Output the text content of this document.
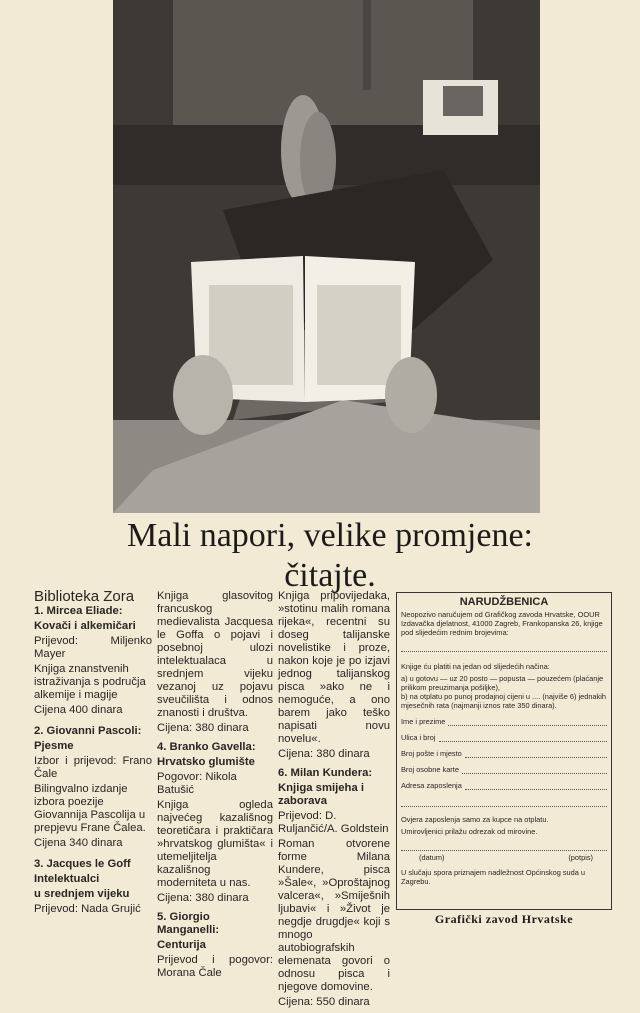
Mali napori, velike promjene:
čitajte.

Biblioteka Zora

1. Mircea Eliade:

Kovači i alkemičari

Prijevod: Miljenko Mayer

Knjiga znanstvenih istraživanja s područja alkemije i magije

Cijena 400 dinara

2. Giovanni Pascoli:

Pjesme

Izbor i prijevod: Frano Čale

Bilingvalno izdanje izbora poezije Giovannija Pascolija u prepjevu Frane Čalea.

Cijena 340 dinara

3. Jacques le Goff

Intelektualci

u srednjem vijeku

Prijevod: Nada Grujić

Knjiga glasovitog francuskog medievalista Jacquesa le Goffa o pojavi i posebnoj ulozi intelektualaca u srednjem vijeku vezanoj uz pojavu sveučilišta i odnos znanosti i društva.

Cijena: 380 dinara

4. Branko Gavella:

Hrvatsko glumište

Pogovor: Nikola Batušić

Knjiga ogleda najvećeg kazališnog teoretičara i praktičara »hrvatskog glumišta« i utemeljitelja kazališnog modernitetа u nas.

Cijena: 380 dinara

5. Giorgio Manganelli:

Centurija

Prijevod i pogovor: Morana Čale

Knjiga pripovijedaka, »stotinu malih romana rijeka«, recentni su doseg talijanske novelistike i proze, nakon koje je po izjavi jednog talijanskog pisca »ako ne i nemoguće, a ono barem jako teško napisati novu novelu«.

Cijena: 380 dinara

6. Milan Kundera:

Knjiga smijeha i zaborava

Prijevod: D. Ruljančić/A. Goldstein

Roman otvorene forme Milana Kundere, pisca »Šale«, »Oproštajnog valcera«, »Smiješnih ljubavi« i »Život je negdje drugdje« koji s mnogo autobiografskih elemenata govori o odnosu pisca i njegove domovine.

Cijena: 550 dinara

NARUDŽBENICA

Neopozivo naručujem od Grafičkog zavoda Hrvatske, OOUR Izdavačka djelatnost, 41000 Zagreb, Frankopanska 26, knjige pod slijedećim rednim brojevima:

Knjige ću platiti na jedan od slijedećih načina:

a) u gotovu — uz 20 posto — popusta — pouzećem (plaćanje prilikom preuzimanja pošiljke),

b) na otplatu po punoj prodajnoj cijeni u .... (najviše 6) jednakih mjesečnih rata (najmanji iznos rate 350 dinara).

Ime i prezime
Ulica i broj
Broj pošte i mjesto
Broj osobne karte
Adresa zaposlenja

Ovjera zaposlenja samo za kupce na otplatu.

Umirovljenici prilažu odrezak od mirovine.

(datum)	(potpis)

U slučaju spora priznajem nadležnost Općinskog suda u Zagrebu.

Grafički zavod Hrvatske
